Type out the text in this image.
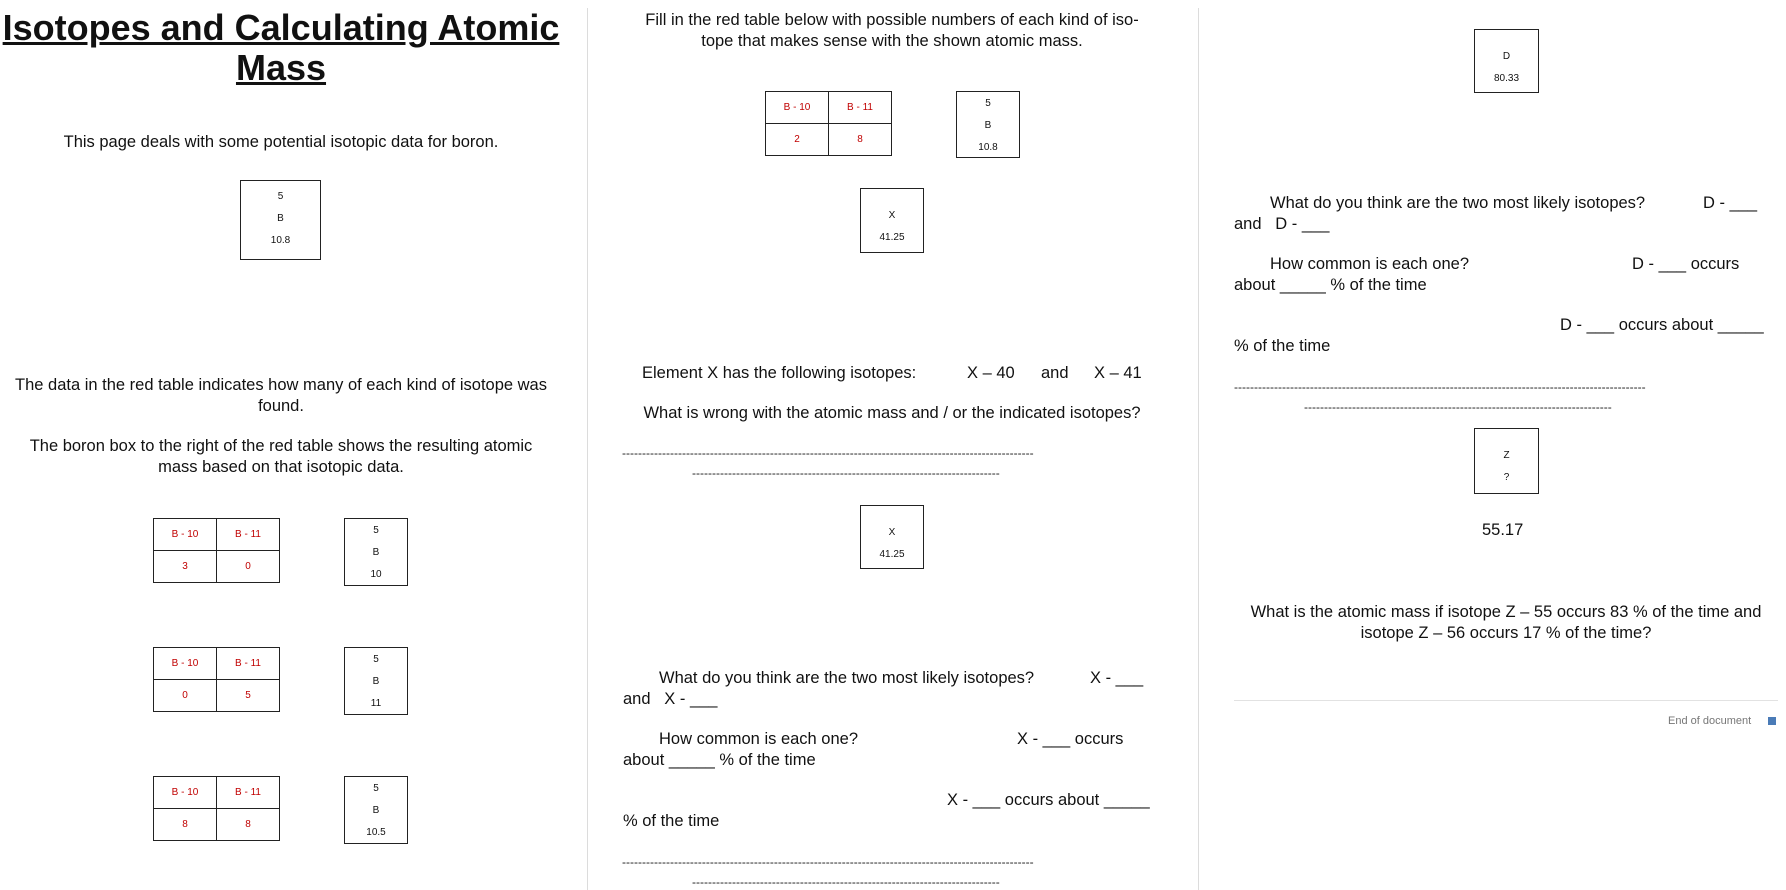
Isotopes and Calculating Atomic Mass
This page deals with some potential isotopic data for boron.
5
B
10.8
The data in the red table indicates how many of each kind of isotope was found.
The boron box to the right of the red table shows the resulting atomic mass based on that isotopic data.
B - 10	B - 11
3	0
5
B
10
B - 10	B - 11
0	5
5
B
11
B - 10	B - 11
8	8
5
B
10.5
Fill in the red table below with possible numbers of each kind of iso-tope that makes sense with the shown atomic mass.
B - 10	B - 11
2	8
5
B
10.8
X
41.25
Element X has the following isotopes:	X – 40 and X – 41
What is wrong with the atomic mass and / or the indicated isotopes?
-------------------------------------------------------------------------------------------------------
-----------------------------------------------------------------------------
X
41.25
What do you think are the two most likely isotopes?	X - ___
and   X - ___
How common is each one?	X - ___ occurs
about _____ % of the time
X - ___ occurs about _____
% of the time
-------------------------------------------------------------------------------------------------------
-----------------------------------------------------------------------------
D
80.33
What do you think are the two most likely isotopes?	D - ___
and   D - ___
How common is each one?	D - ___ occurs
about _____ % of the time
D - ___ occurs about _____
% of the time
-------------------------------------------------------------------------------------------------------
-----------------------------------------------------------------------------
Z
?
55.17
What is the atomic mass if isotope Z – 55 occurs 83 % of the time and isotope Z – 56 occurs 17 % of the time?
End of document
